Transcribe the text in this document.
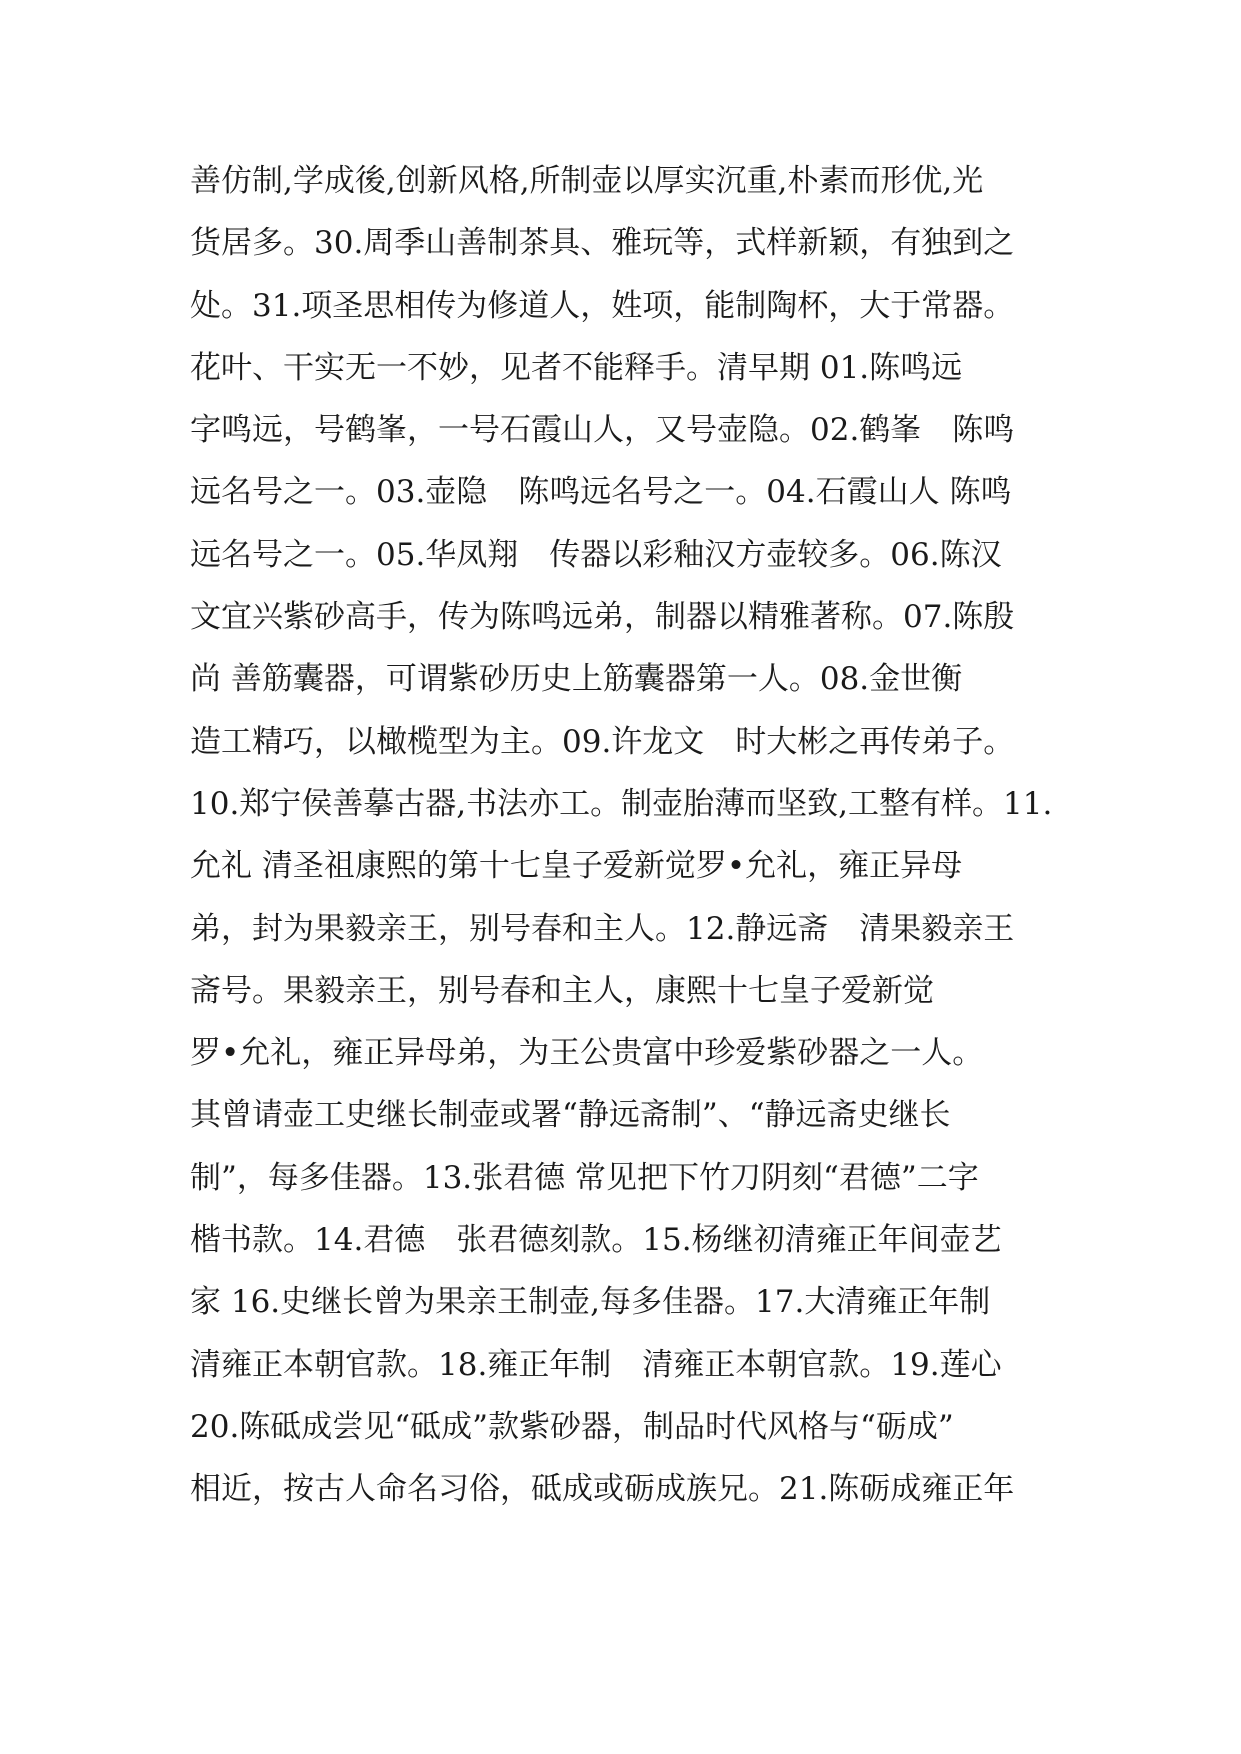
善仿制,学成後,创新风格,所制壶以厚实沉重,朴素而形优,光
货居多。30.周季山善制茶具、雅玩等，式样新颖，有独到之
处。31.项圣思相传为修道人，姓项，能制陶杯，大于常器。
花叶、干实无一不妙，见者不能释手。清早期 01.陈鸣远
字鸣远，号鹤峯，一号石霞山人，又号壶隐。02.鹤峯　陈鸣
远名号之一。03.壶隐　陈鸣远名号之一。04.石霞山人 陈鸣
远名号之一。05.华凤翔　传器以彩釉汉方壶较多。06.陈汉
文宜兴紫砂高手，传为陈鸣远弟，制器以精雅著称。07.陈殷
尚 善筋囊器，可谓紫砂历史上筋囊器第一人。08.金世衡
造工精巧，以橄榄型为主。09.许龙文　时大彬之再传弟子。
10.郑宁侯善摹古器,书法亦工。制壶胎薄而坚致,工整有样。11.
允礼 清圣祖康熙的第十七皇子爱新觉罗•允礼，雍正异母
弟，封为果毅亲王，别号春和主人。12.静远斋　清果毅亲王
斋号。果毅亲王，别号春和主人，康熙十七皇子爱新觉
罗•允礼，雍正异母弟，为王公贵富中珍爱紫砂器之一人。
其曾请壶工史继长制壶或署“静远斋制”、“静远斋史继长
制”，每多佳器。13.张君德 常见把下竹刀阴刻“君德”二字
楷书款。14.君德　张君德刻款。15.杨继初清雍正年间壶艺
家 16.史继长曾为果亲王制壶,每多佳器。17.大清雍正年制
清雍正本朝官款。18.雍正年制　清雍正本朝官款。19.莲心
20.陈砥成尝见“砥成”款紫砂器，制品时代风格与“砺成”
相近，按古人命名习俗，砥成或砺成族兄。21.陈砺成雍正年
